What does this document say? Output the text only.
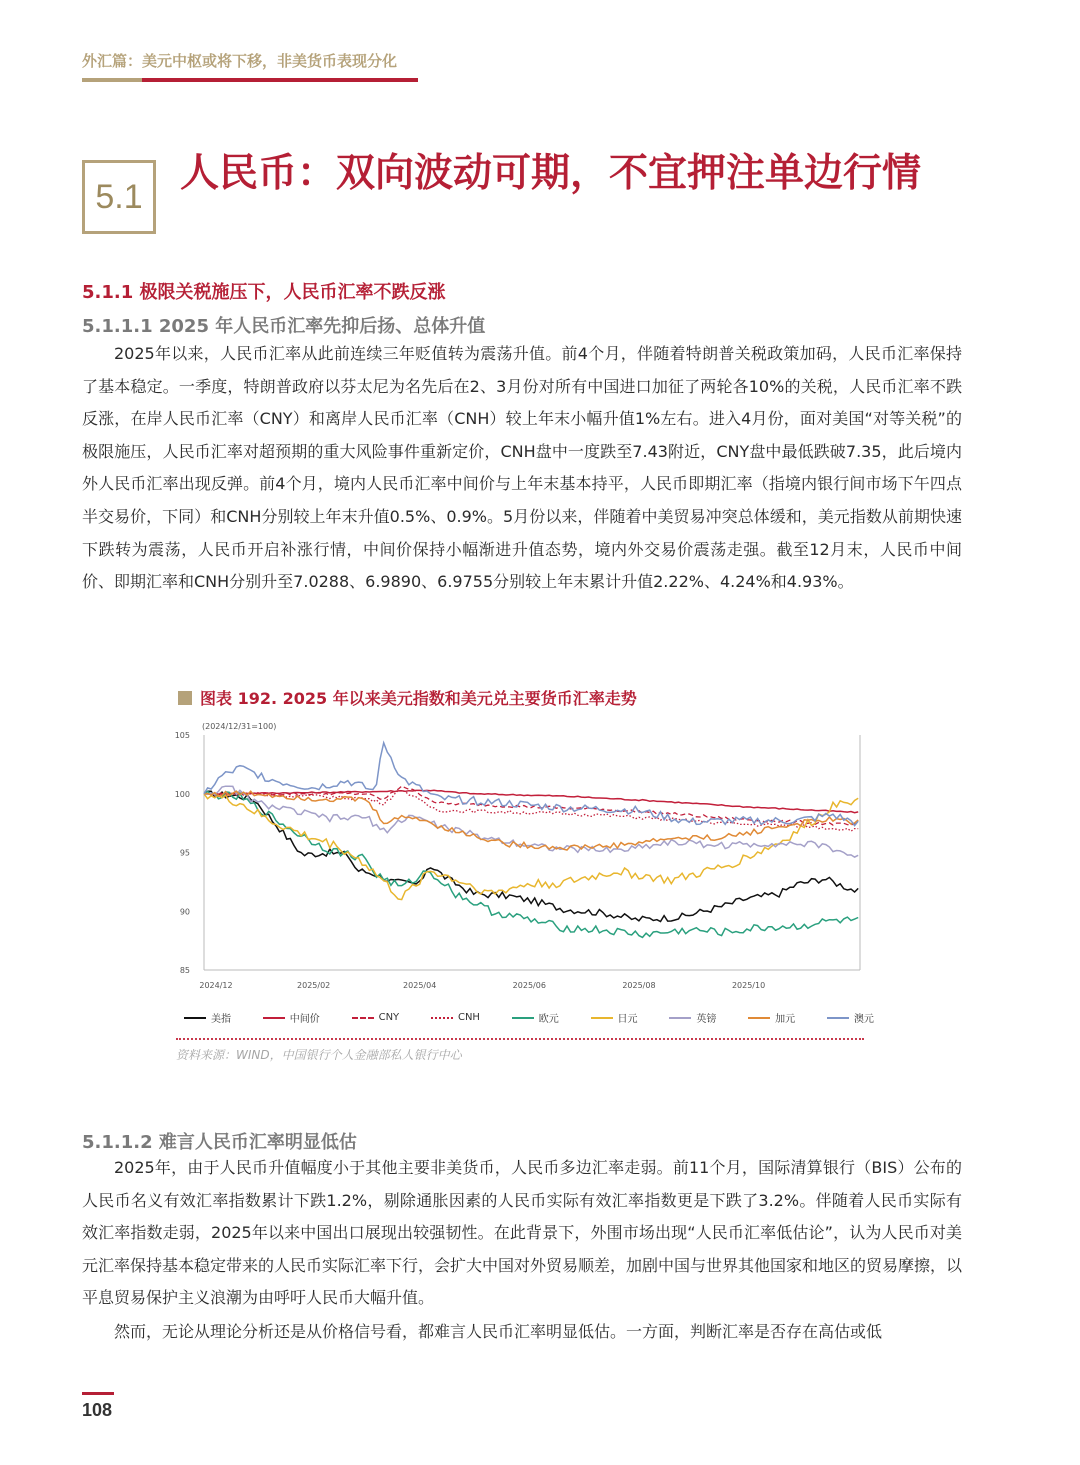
外汇篇：美元中枢或将下移，非美货币表现分化
5.1
人民币：双向波动可期，不宜押注单边行情
5.1.1 极限关税施压下，人民币汇率不跌反涨
5.1.1.1 2025 年人民币汇率先抑后扬、总体升值

2025年以来，人民币汇率从此前连续三年贬值转为震荡升值。前4个月，伴随着特朗普关税政策加码，人民币汇率保持了基本稳定。一季度，特朗普政府以芬太尼为名先后在2、3月份对所有中国进口加征了两轮各10%的关税，人民币汇率不跌反涨，在岸人民币汇率（CNY）和离岸人民币汇率（CNH）较上年末小幅升值1%左右。进入4月份，面对美国“对等关税”的极限施压，人民币汇率对超预期的重大风险事件重新定价，CNH盘中一度跌至7.43附近，CNY盘中最低跌破7.35，此后境内外人民币汇率出现反弹。前4个月，境内人民币汇率中间价与上年末基本持平，人民币即期汇率（指境内银行间市场下午四点半交易价，下同）和CNH分别较上年末升值0.5%、0.9%。5月份以来，伴随着中美贸易冲突总体缓和，美元指数从前期快速下跌转为震荡，人民币开启补涨行情，中间价保持小幅渐进升值态势，境内外交易价震荡走强。截至12月末，人民币中间价、即期汇率和CNH分别升至7.0288、6.9890、6.9755分别较上年末累计升值2.22%、4.24%和4.93%。

图表 192. 2025 年以来美元指数和美元兑主要货币汇率走势
(2024/12/31=100)
85
90
95
100
105
2024/12	2025/02	2025/04	2025/06	2025/08	2025/10
美指	中间价	CNY	CNH	欧元	日元	英镑	加元	澳元
资料来源：WIND，中国银行个人金融部私人银行中心
5.1.1.2 难言人民币汇率明显低估

2025年，由于人民币升值幅度小于其他主要非美货币，人民币多边汇率走弱。前11个月，国际清算银行（BIS）公布的人民币名义有效汇率指数累计下跌1.2%，剔除通胀因素的人民币实际有效汇率指数更是下跌了3.2%。伴随着人民币实际有效汇率指数走弱，2025年以来中国出口展现出较强韧性。在此背景下，外围市场出现“人民币汇率低估论”，认为人民币对美元汇率保持基本稳定带来的人民币实际汇率下行，会扩大中国对外贸易顺差，加剧中国与世界其他国家和地区的贸易摩擦，以平息贸易保护主义浪潮为由呼吁人民币大幅升值。

然而，无论从理论分析还是从价格信号看，都难言人民币汇率明显低估。一方面，判断汇率是否存在高估或低

108
